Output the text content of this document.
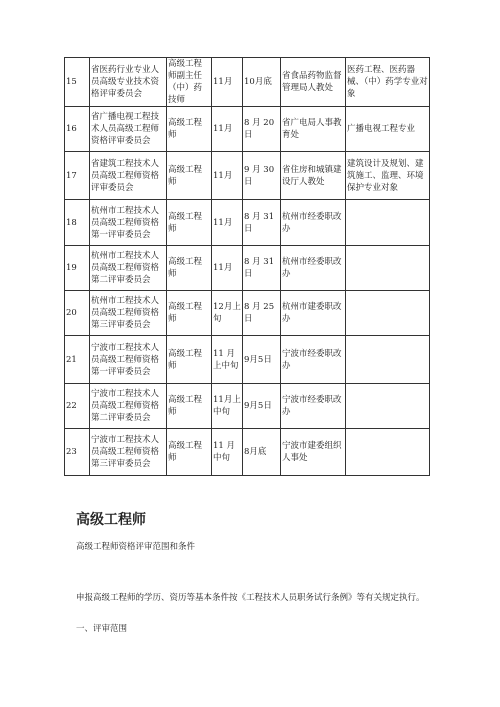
15	省医药行业专业人员高级专业技术资格评审委员会	高级工程师副主任（中）药技师	11月	10月底	省食品药物监督管理局人教处	医药工程、医药器械、（中）药学专业对象
16	省广播电视工程技术人员高级工程师资格评审委员会	高级工程师	11月	8 月 20日	省广电局人事教育处	广播电视工程专业
17	省建筑工程技术人员高级工程师资格评审委员会	高级工程师	11月	9 月 30日	省住房和城镇建设厅人教处	建筑设计及规划、建筑施工、监理、环境保护专业对象
18	杭州市工程技术人员高级工程师资格第一评审委员会	高级工程师	11月	8 月 31日	杭州市经委职改办	
19	杭州市工程技术人员高级工程师资格第二评审委员会	高级工程师	11月	8 月 31日	杭州市经委职改办	
20	杭州市工程技术人员高级工程师资格第三评审委员会	高级工程师	12月上旬	8 月 25日	杭州市建委职改办	
21	宁波市工程技术人员高级工程师资格第一评审委员会	高级工程师	11 月上中旬	9月5日	宁波市经委职改办	
22	宁波市工程技术人员高级工程师资格第二评审委员会	高级工程师	11月上中旬	9月5日	宁波市经委职改办	
23	宁波市工程技术人员高级工程师资格第三评审委员会	高级工程师	11 月中旬	8月底	宁波市建委组织人事处	
高级工程师
高级工程师资格评审范围和条件
申报高级工程师的学历、资历等基本条件按《工程技术人员职务试行条例》等有关规定执行。
一、评审范围
